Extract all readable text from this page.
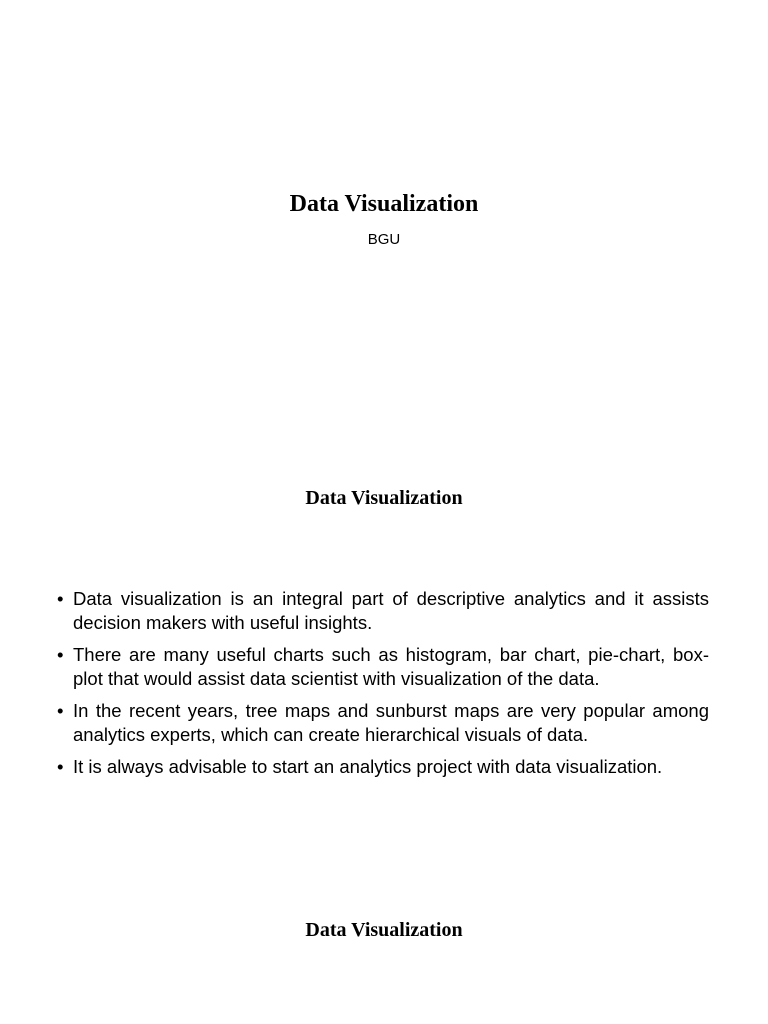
Data Visualization
BGU
Data Visualization
• Data visualization is an integral part of descriptive analytics and it assists decision makers with useful insights.
• There are many useful charts such as histogram, bar chart, pie-chart, box-plot that would assist data scientist with visualization of the data.
• In the recent years, tree maps and sunburst maps are very popular among analytics experts, which can create hierarchical visuals of data.
• It is always advisable to start an analytics project with data visualization.
Data Visualization
